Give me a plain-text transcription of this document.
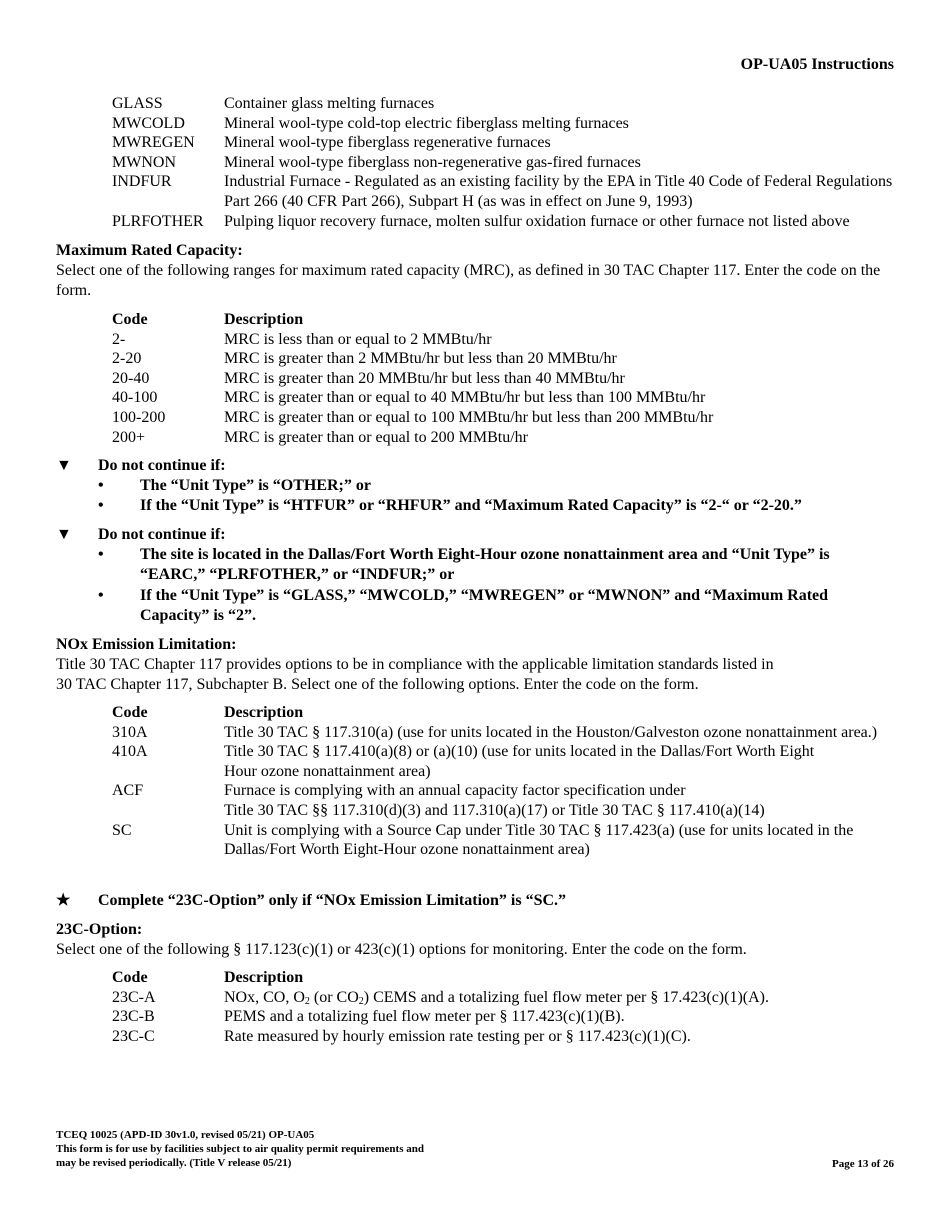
OP-UA05 Instructions
GLASS	Container glass melting furnaces
MWCOLD	Mineral wool-type cold-top electric fiberglass melting furnaces
MWREGEN	Mineral wool-type fiberglass regenerative furnaces
MWNON	Mineral wool-type fiberglass non-regenerative gas-fired furnaces
INDFUR	Industrial Furnace - Regulated as an existing facility by the EPA in Title 40 Code of Federal Regulations Part 266 (40 CFR Part 266), Subpart H (as was in effect on June 9, 1993)
PLRFOTHER	Pulping liquor recovery furnace, molten sulfur oxidation furnace or other furnace not listed above
Maximum Rated Capacity:
Select one of the following ranges for maximum rated capacity (MRC), as defined in 30 TAC Chapter 117. Enter the code on the form.
Code	Description
2-	MRC is less than or equal to 2 MMBtu/hr
2-20	MRC is greater than 2 MMBtu/hr but less than 20 MMBtu/hr
20-40	MRC is greater than 20 MMBtu/hr but less than 40 MMBtu/hr
40-100	MRC is greater than or equal to 40 MMBtu/hr but less than 100 MMBtu/hr
100-200	MRC is greater than or equal to 100 MMBtu/hr but less than 200 MMBtu/hr
200+	MRC is greater than or equal to 200 MMBtu/hr
▼	Do not continue if:
•	The “Unit Type” is “OTHER;” or
•	If the “Unit Type” is “HTFUR” or “RHFUR” and “Maximum Rated Capacity” is “2-“ or “2-20.”
▼	Do not continue if:
•	The site is located in the Dallas/Fort Worth Eight-Hour ozone nonattainment area and “Unit Type” is “EARC,” “PLRFOTHER,” or “INDFUR;” or
•	If the “Unit Type” is “GLASS,” “MWCOLD,” “MWREGEN” or “MWNON” and “Maximum Rated Capacity” is “2”.
NOx Emission Limitation:
Title 30 TAC Chapter 117 provides options to be in compliance with the applicable limitation standards listed in
30 TAC Chapter 117, Subchapter B. Select one of the following options. Enter the code on the form.
Code	Description
310A	Title 30 TAC § 117.310(a) (use for units located in the Houston/Galveston ozone nonattainment area.)
410A	Title 30 TAC § 117.410(a)(8) or (a)(10) (use for units located in the Dallas/Fort Worth Eight Hour ozone nonattainment area)
ACF	Furnace is complying with an annual capacity factor specification under
Title 30 TAC §§ 117.310(d)(3) and 117.310(a)(17) or Title 30 TAC § 117.410(a)(14)
SC	Unit is complying with a Source Cap under Title 30 TAC § 117.423(a) (use for units located in the Dallas/Fort Worth Eight-Hour ozone nonattainment area)
★	Complete “23C-Option” only if “NOx Emission Limitation” is “SC.”
23C-Option:
Select one of the following § 117.123(c)(1) or 423(c)(1) options for monitoring. Enter the code on the form.
Code	Description
23C-A	NOx, CO, $O_2$ (or $CO_2$) CEMS and a totalizing fuel flow meter per § 17.423(c)(1)(A).
23C-B	PEMS and a totalizing fuel flow meter per § 117.423(c)(1)(B).
23C-C	Rate measured by hourly emission rate testing per or § 117.423(c)(1)(C).
TCEQ 10025 (APD-ID 30v1.0, revised 05/21) OP-UA05
This form is for use by facilities subject to air quality permit requirements and
may be revised periodically. (Title V release 05/21)	Page 13 of 26
